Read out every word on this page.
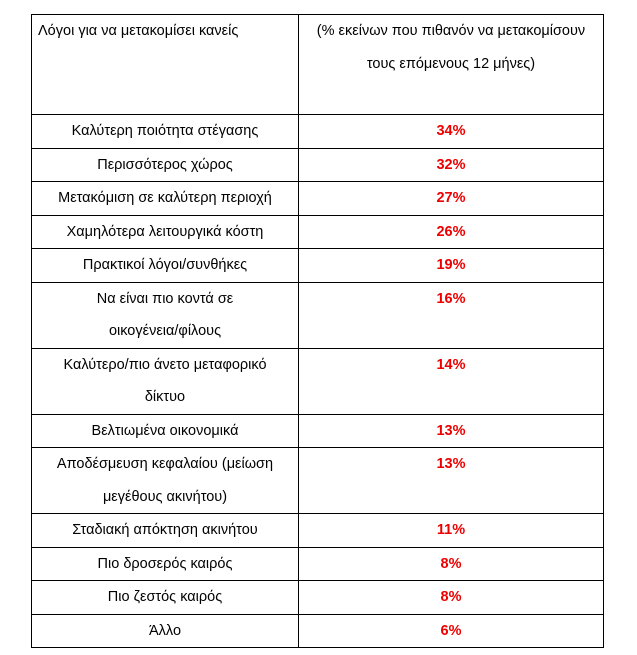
Λόγοι για να μετακομίσει κανείς	(% εκείνων που πιθανόν να μετακομίσουν τους επόμενους 12 μήνες)
Καλύτερη ποιότητα στέγασης	34%
Περισσότερος χώρος	32%
Μετακόμιση σε καλύτερη περιοχή	27%
Χαμηλότερα λειτουργικά κόστη	26%
Πρακτικοί λόγοι/συνθήκες	19%
Να είναι πιο κοντά σε οικογένεια/φίλους	16%
Καλύτερο/πιο άνετο μεταφορικό δίκτυο	14%
Βελτιωμένα οικονομικά	13%
Αποδέσμευση κεφαλαίου (μείωση μεγέθους ακινήτου)	13%
Σταδιακή απόκτηση ακινήτου	11%
Πιο δροσερός καιρός	8%
Πιο ζεστός καιρός	8%
Άλλο	6%
